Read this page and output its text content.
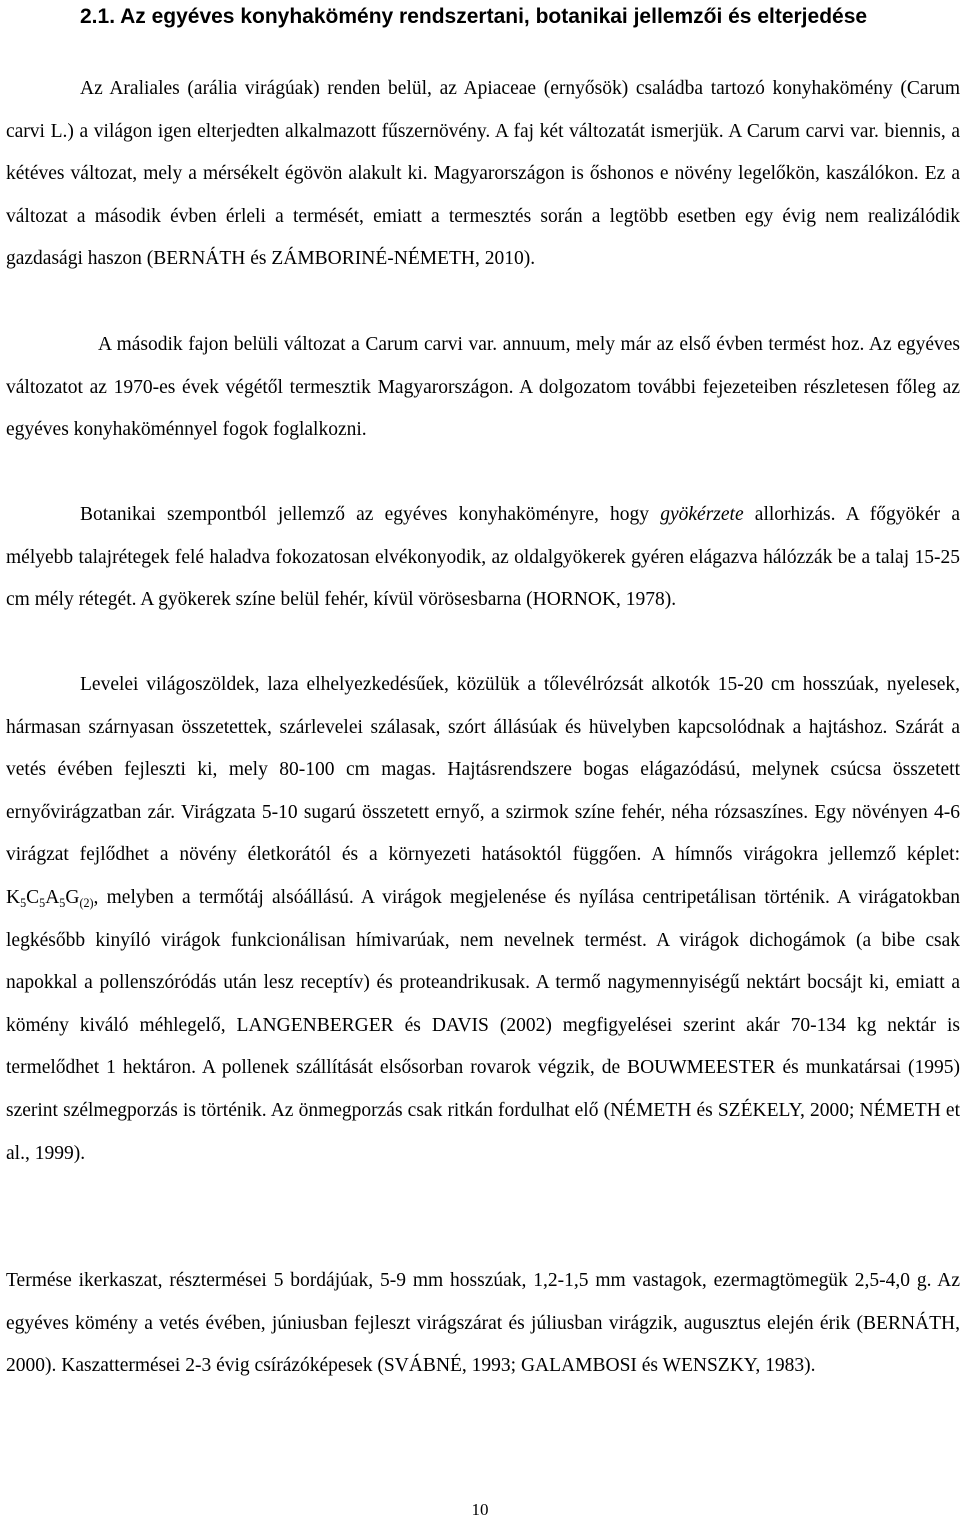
2.1. Az egyéves konyhakömény rendszertani, botanikai jellemzői és elterjedése

Az Araliales (arália virágúak) renden belül, az Apiaceae (ernyősök) családba tartozó konyhakömény (Carum carvi L.) a világon igen elterjedten alkalmazott fűszernövény. A faj két változatát ismerjük. A Carum carvi var. biennis, a kétéves változat, mely a mérsékelt égövön alakult ki. Magyarországon is őshonos e növény legelőkön, kaszálókon. Ez a változat a második évben érleli a termését, emiatt a termesztés során a legtöbb esetben egy évig nem realizálódik gazdasági haszon (BERNÁTH és ZÁMBORINÉ-NÉMETH, 2010).

A második fajon belüli változat a Carum carvi var. annuum, mely már az első évben termést hoz. Az egyéves változatot az 1970-es évek végétől termesztik Magyarországon. A dolgozatom további fejezeteiben részletesen főleg az egyéves konyhaköménnyel fogok foglalkozni.

Botanikai szempontból jellemző az egyéves konyhaköményre, hogy gyökérzete allorhizás. A főgyökér a mélyebb talajrétegek felé haladva fokozatosan elvékonyodik, az oldalgyökerek gyéren elágazva hálózzák be a talaj 15-25 cm mély rétegét. A gyökerek színe belül fehér, kívül vörösesbarna (HORNOK, 1978).

Levelei világoszöldek, laza elhelyezkedésűek, közülük a tőlevélrózsát alkotók 15-20 cm hosszúak, nyelesek, hármasan szárnyasan összetettek, szárlevelei szálasak, szórt állásúak és hüvelyben kapcsolódnak a hajtáshoz. Szárát a vetés évében fejleszti ki, mely 80-100 cm magas. Hajtásrendszere bogas elágazódású, melynek csúcsa összetett ernyővirágzatban zár. Virágzata 5-10 sugarú összetett ernyő, a szirmok színe fehér, néha rózsaszínes. Egy növényen 4-6 virágzat fejlődhet a növény életkorától és a környezeti hatásoktól függően. A hímnős virágokra jellemző képlet: $K_5C_5A_5G_{(2)}$, melyben a termőtáj alsóállású. A virágok megjelenése és nyílása centripetálisan történik. A virágatokban legkésőbb kinyíló virágok funkcionálisan hímivarúak, nem nevelnek termést. A virágok dichogámok (a bibe csak napokkal a pollenszóródás után lesz receptív) és proteandrikusak. A termő nagymennyiségű nektárt bocsájt ki, emiatt a kömény kiváló méhlegelő, LANGENBERGER és DAVIS (2002) megfigyelései szerint akár 70-134 kg nektár is termelődhet 1 hektáron. A pollenek szállítását elsősorban rovarok végzik, de BOUWMEESTER és munkatársai (1995) szerint szélmegporzás is történik. Az önmegporzás csak ritkán fordulhat elő (NÉMETH és SZÉKELY, 2000; NÉMETH et al., 1999).

Termése ikerkaszat, résztermései 5 bordájúak, 5-9 mm hosszúak, 1,2-1,5 mm vastagok, ezermagtömegük 2,5-4,0 g. Az egyéves kömény a vetés évében, júniusban fejleszt virágszárat és júliusban virágzik, augusztus elején érik (BERNÁTH, 2000). Kaszattermései 2-3 évig csírázóképesek (SVÁBNÉ, 1993; GALAMBOSI és WENSZKY, 1983).

10
